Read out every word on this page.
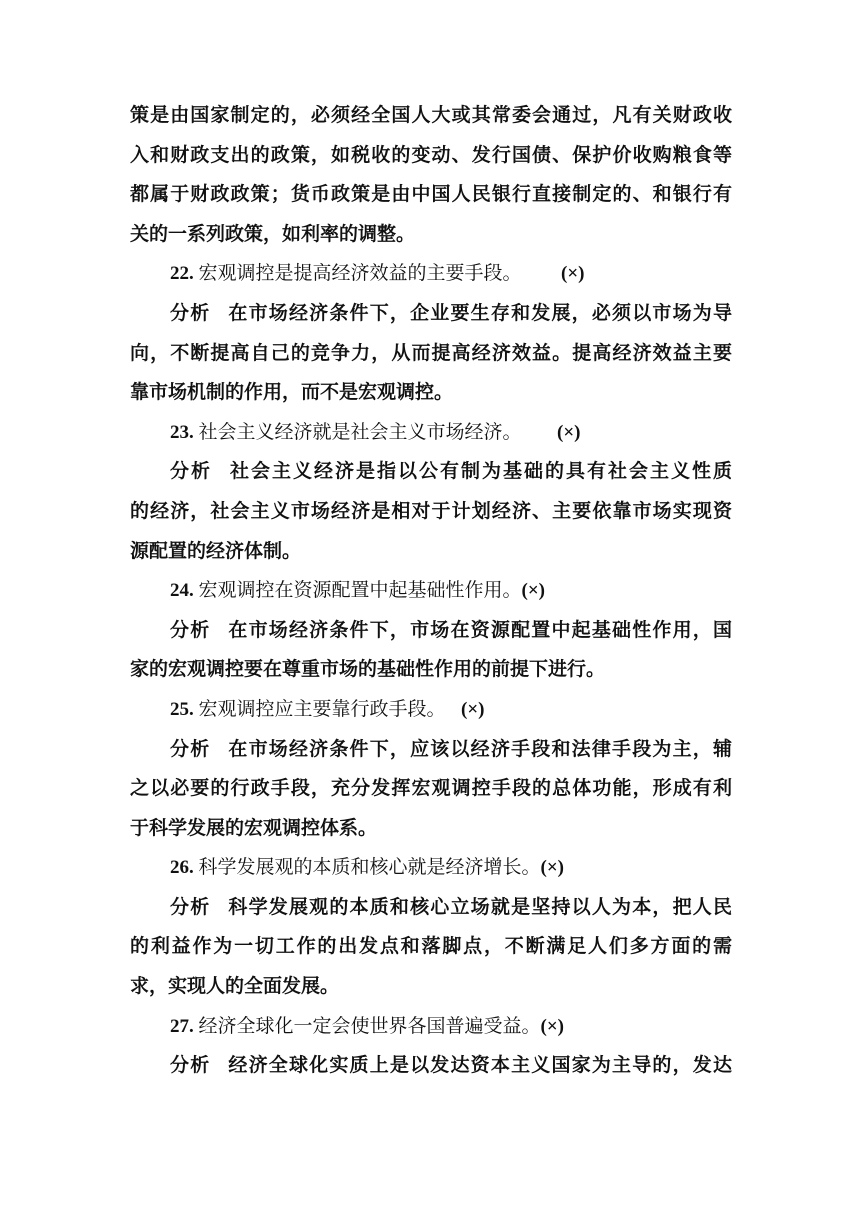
策是由国家制定的，必须经全国人大或其常委会通过，凡有关财政收
入和财政支出的政策，如税收的变动、发行国债、保护价收购粮食等
都属于财政政策；货币政策是由中国人民银行直接制定的、和银行有
关的一系列政策，如利率的调整。
22. 宏观调控是提高经济效益的主要手段。 (×)
分析 在市场经济条件下，企业要生存和发展，必须以市场为导
向，不断提高自己的竞争力，从而提高经济效益。提高经济效益主要
靠市场机制的作用，而不是宏观调控。
23. 社会主义经济就是社会主义市场经济。 (×)
分析 社会主义经济是指以公有制为基础的具有社会主义性质
的经济，社会主义市场经济是相对于计划经济、主要依靠市场实现资
源配置的经济体制。
24. 宏观调控在资源配置中起基础性作用。(×)
分析 在市场经济条件下，市场在资源配置中起基础性作用，国
家的宏观调控要在尊重市场的基础性作用的前提下进行。
25. 宏观调控应主要靠行政手段。 (×)
分析 在市场经济条件下，应该以经济手段和法律手段为主，辅
之以必要的行政手段，充分发挥宏观调控手段的总体功能，形成有利
于科学发展的宏观调控体系。
26. 科学发展观的本质和核心就是经济增长。(×)
分析 科学发展观的本质和核心立场就是坚持以人为本，把人民
的利益作为一切工作的出发点和落脚点，不断满足人们多方面的需
求，实现人的全面发展。
27. 经济全球化一定会使世界各国普遍受益。(×)
分析 经济全球化实质上是以发达资本主义国家为主导的，发达
